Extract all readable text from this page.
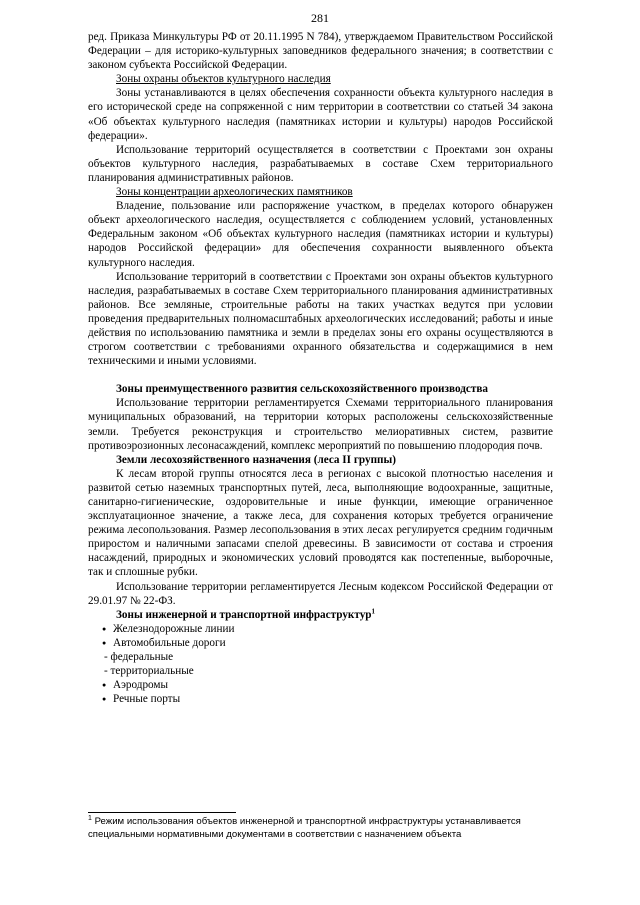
281

ред. Приказа Минкультуры РФ от 20.11.1995 N 784), утверждаемом Правительством Российской Федерации – для историко-культурных заповедников федерального значения; в соответствии с законом субъекта Российской Федерации.

Зоны охраны объектов культурного наследия

Зоны устанавливаются в целях обеспечения сохранности объекта культурного наследия в его исторической среде на сопряженной с ним территории в соответствии со статьей 34 закона «Об объектах культурного наследия (памятниках истории и культуры) народов Российской федерации».

Использование территорий осуществляется в соответствии с Проектами зон охраны объектов культурного наследия, разрабатываемых в составе Схем территориального планирования административных районов.

Зоны концентрации археологических памятников

Владение, пользование или распоряжение участком, в пределах которого обнаружен объект археологического наследия, осуществляется с соблюдением условий, установленных Федеральным законом «Об объектах культурного наследия (памятниках истории и культуры) народов Российской федерации» для обеспечения сохранности выявленного объекта культурного наследия.

Использование территорий в соответствии с Проектами зон охраны объектов культурного наследия, разрабатываемых в составе Схем территориального планирования административных районов. Все земляные, строительные работы на таких участках ведутся при условии проведения предварительных полномасштабных археологических исследований; работы и иные действия по использованию памятника и земли в пределах зоны его охраны осуществляются в строгом соответствии с требованиями охранного обязательства и содержащимися в нем техническими и иными условиями.

Зоны преимущественного развития сельскохозяйственного производства

Использование территории регламентируется Схемами территориального планирования муниципальных образований, на территории которых расположены сельскохозяйственные земли. Требуется реконструкция и строительство мелиоративных систем, развитие противоэрозионных лесонасаждений, комплекс мероприятий по повышению плодородия почв.

Земли лесохозяйственного назначения (леса II группы)

К лесам второй группы относятся леса в регионах с высокой плотностью населения и развитой сетью наземных транспортных путей, леса, выполняющие водоохранные, защитные, санитарно-гигиенические, оздоровительные и иные функции, имеющие ограниченное эксплуатационное значение, а также леса, для сохранения которых требуется ограничение режима лесопользования. Размер лесопользования в этих лесах регулируется средним годичным приростом и наличными запасами спелой древесины. В зависимости от состава и строения насаждений, природных и экономических условий проводятся как постепенные, выборочные, так и сплошные рубки.

Использование территории регламентируется Лесным кодексом Российской Федерации от 29.01.97 № 22-ФЗ.

Зоны инженерной и транспортной инфраструктур$^1$

● Железнодорожные линии
● Автомобильные дороги
- федеральные
- территориальные
● Аэродромы
● Речные порты

$^1$ Режим использования объектов инженерной и транспортной инфраструктуры устанавливается специальными нормативными документами в соответствии с назначением объекта
